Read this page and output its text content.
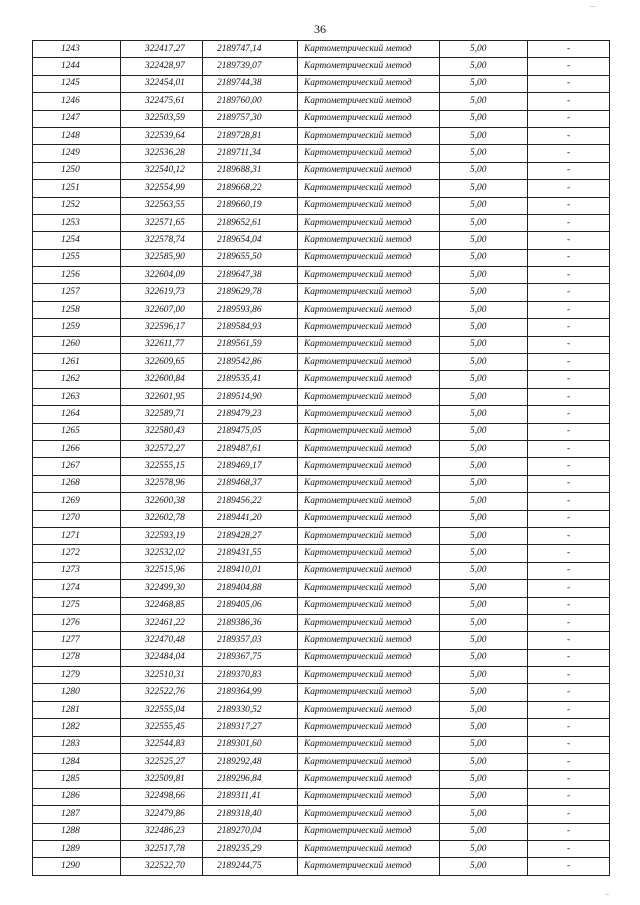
...
36
1243	322417,27	2189747,14	Картометрический метод	5,00	-
1244	322428,97	2189739,07	Картометрический метод	5,00	-
1245	322454,01	2189744,38	Картометрический метод	5,00	-
1246	322475,61	2189760,00	Картометрический метод	5,00	-
1247	322503,59	2189757,30	Картометрический метод	5,00	-
1248	322539,64	2189728,81	Картометрический метод	5,00	-
1249	322536,28	2189711,34	Картометрический метод	5,00	-
1250	322540,12	2189688,31	Картометрический метод	5,00	-
1251	322554,99	2189668,22	Картометрический метод	5,00	-
1252	322563,55	2189660,19	Картометрический метод	5,00	-
1253	322571,65	2189652,61	Картометрический метод	5,00	-
1254	322578,74	2189654,04	Картометрический метод	5,00	-
1255	322585,90	2189655,50	Картометрический метод	5,00	-
1256	322604,09	2189647,38	Картометрический метод	5,00	-
1257	322619,73	2189629,78	Картометрический метод	5,00	-
1258	322607,00	2189593,86	Картометрический метод	5,00	-
1259	322596,17	2189584,93	Картометрический метод	5,00	-
1260	322611,77	2189561,59	Картометрический метод	5,00	-
1261	322609,65	2189542,86	Картометрический метод	5,00	-
1262	322600,84	2189535,41	Картометрический метод	5,00	-
1263	322601,95	2189514,90	Картометрический метод	5,00	-
1264	322589,71	2189479,23	Картометрический метод	5,00	-
1265	322580,43	2189475,05	Картометрический метод	5,00	-
1266	322572,27	2189487,61	Картометрический метод	5,00	-
1267	322555,15	2189469,17	Картометрический метод	5,00	-
1268	322578,96	2189468,37	Картометрический метод	5,00	-
1269	322600,38	2189456,22	Картометрический метод	5,00	-
1270	322602,78	2189441,20	Картометрический метод	5,00	-
1271	322593,19	2189428,27	Картометрический метод	5,00	-
1272	322532,02	2189431,55	Картометрический метод	5,00	-
1273	322515,96	2189410,01	Картометрический метод	5,00	-
1274	322499,30	2189404,88	Картометрический метод	5,00	-
1275	322468,85	2189405,06	Картометрический метод	5,00	-
1276	322461,22	2189386,36	Картометрический метод	5,00	-
1277	322470,48	2189357,03	Картометрический метод	5,00	-
1278	322484,04	2189367,75	Картометрический метод	5,00	-
1279	322510,31	2189370,83	Картометрический метод	5,00	-
1280	322522,76	2189364,99	Картометрический метод	5,00	-
1281	322555,04	2189330,52	Картометрический метод	5,00	-
1282	322555,45	2189317,27	Картометрический метод	5,00	-
1283	322544,83	2189301,60	Картометрический метод	5,00	-
1284	322525,27	2189292,48	Картометрический метод	5,00	-
1285	322509,81	2189296,84	Картометрический метод	5,00	-
1286	322498,66	2189311,41	Картометрический метод	5,00	-
1287	322479,86	2189318,40	Картометрический метод	5,00	-
1288	322486,23	2189270,04	Картометрический метод	5,00	-
1289	322517,78	2189235,29	Картометрический метод	5,00	-
1290	322522,70	2189244,75	Картометрический метод	5,00	-
...
